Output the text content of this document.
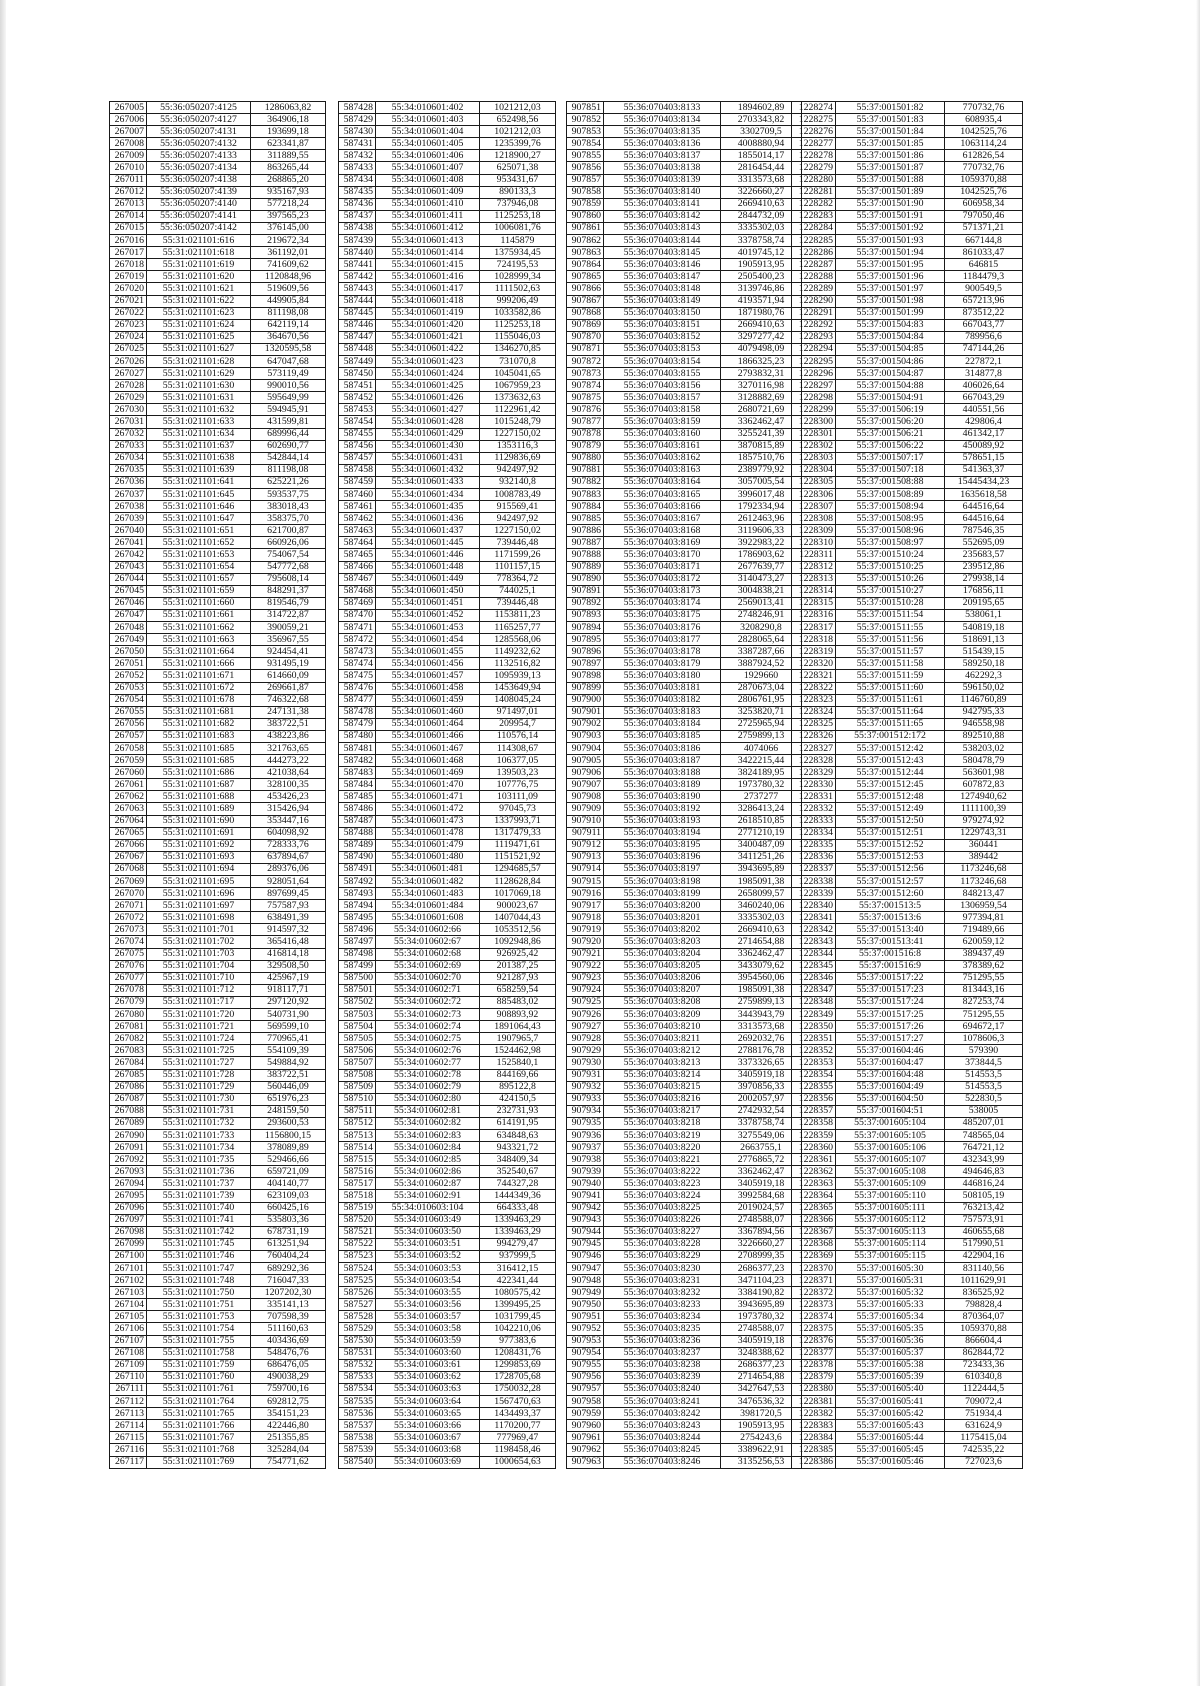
267005	55:36:050207:4125	1286063,82
267006	55:36:050207:4127	364906,18
267007	55:36:050207:4131	193699,18
267008	55:36:050207:4132	623341,87
267009	55:36:050207:4133	311889,55
267010	55:36:050207:4134	863265,44
267011	55:36:050207:4138	268865,20
267012	55:36:050207:4139	935167,93
267013	55:36:050207:4140	577218,24
267014	55:36:050207:4141	397565,23
267015	55:36:050207:4142	376145,00
267016	55:31:021101:616	219672,34
267017	55:31:021101:618	361192,01
267018	55:31:021101:619	741609,62
267019	55:31:021101:620	1120848,96
267020	55:31:021101:621	519609,56
267021	55:31:021101:622	449905,84
267022	55:31:021101:623	811198,08
267023	55:31:021101:624	642119,14
267024	55:31:021101:625	364670,56
267025	55:31:021101:627	1320595,58
267026	55:31:021101:628	647047,68
267027	55:31:021101:629	573119,49
267028	55:31:021101:630	990010,56
267029	55:31:021101:631	595649,99
267030	55:31:021101:632	594945,91
267031	55:31:021101:633	431599,81
267032	55:31:021101:634	689996,44
267033	55:31:021101:637	602690,77
267034	55:31:021101:638	542844,14
267035	55:31:021101:639	811198,08
267036	55:31:021101:641	625221,26
267037	55:31:021101:645	593537,75
267038	55:31:021101:646	383018,43
267039	55:31:021101:647	358375,70
267040	55:31:021101:651	621700,87
267041	55:31:021101:652	660926,06
267042	55:31:021101:653	754067,54
267043	55:31:021101:654	547772,68
267044	55:31:021101:657	795608,14
267045	55:31:021101:659	848291,37
267046	55:31:021101:660	819546,79
267047	55:31:021101:661	314722,87
267048	55:31:021101:662	390059,21
267049	55:31:021101:663	356967,55
267050	55:31:021101:664	924454,41
267051	55:31:021101:666	931495,19
267052	55:31:021101:671	614660,09
267053	55:31:021101:672	269661,87
267054	55:31:021101:678	746322,68
267055	55:31:021101:681	247131,38
267056	55:31:021101:682	383722,51
267057	55:31:021101:683	438223,86
267058	55:31:021101:685	321763,65
267059	55:31:021101:685	444273,22
267060	55:31:021101:686	421038,64
267061	55:31:021101:687	328100,35
267062	55:31:021101:688	453426,23
267063	55:31:021101:689	315426,94
267064	55:31:021101:690	353447,16
267065	55:31:021101:691	604098,92
267066	55:31:021101:692	728333,76
267067	55:31:021101:693	637894,67
267068	55:31:021101:694	289376,06
267069	55:31:021101:695	928051,64
267070	55:31:021101:696	897699,45
267071	55:31:021101:697	757587,93
267072	55:31:021101:698	638491,39
267073	55:31:021101:701	914597,32
267074	55:31:021101:702	365416,48
267075	55:31:021101:703	416814,18
267076	55:31:021101:704	329508,50
267077	55:31:021101:710	425967,19
267078	55:31:021101:712	918117,71
267079	55:31:021101:717	297120,92
267080	55:31:021101:720	540731,90
267081	55:31:021101:721	569599,10
267082	55:31:021101:724	770965,41
267083	55:31:021101:725	554109,39
267084	55:31:021101:727	549884,92
267085	55:31:021101:728	383722,51
267086	55:31:021101:729	560446,09
267087	55:31:021101:730	651976,23
267088	55:31:021101:731	248159,50
267089	55:31:021101:732	293600,53
267090	55:31:021101:733	1156800,15
267091	55:31:021101:734	378089,89
267092	55:31:021101:735	529466,66
267093	55:31:021101:736	659721,09
267094	55:31:021101:737	404140,77
267095	55:31:021101:739	623109,03
267096	55:31:021101:740	660425,16
267097	55:31:021101:741	535803,36
267098	55:31:021101:742	678731,19
267099	55:31:021101:745	613251,94
267100	55:31:021101:746	760404,24
267101	55:31:021101:747	689292,36
267102	55:31:021101:748	716047,33
267103	55:31:021101:750	1207202,30
267104	55:31:021101:751	335141,13
267105	55:31:021101:753	707598,39
267106	55:31:021101:754	511160,63
267107	55:31:021101:755	403436,69
267108	55:31:021101:758	548476,76
267109	55:31:021101:759	686476,05
267110	55:31:021101:760	490038,29
267111	55:31:021101:761	759700,16
267112	55:31:021101:764	692812,75
267113	55:31:021101:765	354151,23
267114	55:31:021101:766	422446,80
267115	55:31:021101:767	251355,85
267116	55:31:021101:768	325284,04
267117	55:31:021101:769	754771,62
587428	55:34:010601:402	1021212,03
587429	55:34:010601:403	652498,56
587430	55:34:010601:404	1021212,03
587431	55:34:010601:405	1235399,76
587432	55:34:010601:406	1218900,27
587433	55:34:010601:407	625071,38
587434	55:34:010601:408	953431,67
587435	55:34:010601:409	890133,3
587436	55:34:010601:410	737946,08
587437	55:34:010601:411	1125253,18
587438	55:34:010601:412	1006081,76
587439	55:34:010601:413	1145879
587440	55:34:010601:414	1375934,45
587441	55:34:010601:415	724195,53
587442	55:34:010601:416	1028999,34
587443	55:34:010601:417	1111502,63
587444	55:34:010601:418	999206,49
587445	55:34:010601:419	1033582,86
587446	55:34:010601:420	1125253,18
587447	55:34:010601:421	1155046,03
587448	55:34:010601:422	1346270,85
587449	55:34:010601:423	731070,8
587450	55:34:010601:424	1045041,65
587451	55:34:010601:425	1067959,23
587452	55:34:010601:426	1373632,63
587453	55:34:010601:427	1122961,42
587454	55:34:010601:428	1015248,79
587455	55:34:010601:429	1227150,02
587456	55:34:010601:430	1353116,3
587457	55:34:010601:431	1129836,69
587458	55:34:010601:432	942497,92
587459	55:34:010601:433	932140,8
587460	55:34:010601:434	1008783,49
587461	55:34:010601:435	915569,41
587462	55:34:010601:436	942497,92
587463	55:34:010601:437	1227150,02
587464	55:34:010601:445	739446,48
587465	55:34:010601:446	1171599,26
587466	55:34:010601:448	1101157,15
587467	55:34:010601:449	778364,72
587468	55:34:010601:450	744025,1
587469	55:34:010601:451	739446,48
587470	55:34:010601:452	1153811,23
587471	55:34:010601:453	1165257,77
587472	55:34:010601:454	1285568,06
587473	55:34:010601:455	1149232,62
587474	55:34:010601:456	1132516,82
587475	55:34:010601:457	1095939,13
587476	55:34:010601:458	1453649,94
587477	55:34:010601:459	1408045,24
587478	55:34:010601:460	971497,01
587479	55:34:010601:464	209954,7
587480	55:34:010601:466	110576,14
587481	55:34:010601:467	114308,67
587482	55:34:010601:468	106377,05
587483	55:34:010601:469	139503,23
587484	55:34:010601:470	107776,75
587485	55:34:010601:471	103111,09
587486	55:34:010601:472	97045,73
587487	55:34:010601:473	1337993,71
587488	55:34:010601:478	1317479,33
587489	55:34:010601:479	1119471,61
587490	55:34:010601:480	1151521,92
587491	55:34:010601:481	1294685,57
587492	55:34:010601:482	1128628,84
587493	55:34:010601:483	1017069,18
587494	55:34:010601:484	900023,67
587495	55:34:010601:608	1407044,43
587496	55:34:010602:66	1053512,56
587497	55:34:010602:67	1092948,86
587498	55:34:010602:68	926925,42
587499	55:34:010602:69	201387,25
587500	55:34:010602:70	921287,93
587501	55:34:010602:71	658259,54
587502	55:34:010602:72	885483,02
587503	55:34:010602:73	908893,92
587504	55:34:010602:74	1891064,43
587505	55:34:010602:75	1907965,7
587506	55:34:010602:76	1524462,98
587507	55:34:010602:77	1525840,1
587508	55:34:010602:78	844169,66
587509	55:34:010602:79	895122,8
587510	55:34:010602:80	424150,5
587511	55:34:010602:81	232731,93
587512	55:34:010602:82	614191,95
587513	55:34:010602:83	634848,63
587514	55:34:010602:84	943321,72
587515	55:34:010602:85	348409,34
587516	55:34:010602:86	352540,67
587517	55:34:010602:87	744327,28
587518	55:34:010602:91	1444349,36
587519	55:34:010603:104	664333,48
587520	55:34:010603:49	1339463,29
587521	55:34:010603:50	1339463,29
587522	55:34:010603:51	994279,47
587523	55:34:010603:52	937999,5
587524	55:34:010603:53	316412,15
587525	55:34:010603:54	422341,44
587526	55:34:010603:55	1080575,42
587527	55:34:010603:56	1399495,25
587528	55:34:010603:57	1031799,45
587529	55:34:010603:58	1042210,06
587530	55:34:010603:59	977383,6
587531	55:34:010603:60	1208431,76
587532	55:34:010603:61	1299853,69
587533	55:34:010603:62	1728705,68
587534	55:34:010603:63	1750032,28
587535	55:34:010603:64	1567470,63
587536	55:34:010603:65	1434493,37
587537	55:34:010603:66	1170200,77
587538	55:34:010603:67	777969,47
587539	55:34:010603:68	1198458,46
587540	55:34:010603:69	1000654,63
907851	55:36:070403:8133	1894602,89
907852	55:36:070403:8134	2703343,82
907853	55:36:070403:8135	3302709,5
907854	55:36:070403:8136	4008880,94
907855	55:36:070403:8137	1855014,17
907856	55:36:070403:8138	2816454,44
907857	55:36:070403:8139	3313573,68
907858	55:36:070403:8140	3226660,27
907859	55:36:070403:8141	2669410,63
907860	55:36:070403:8142	2844732,09
907861	55:36:070403:8143	3335302,03
907862	55:36:070403:8144	3378758,74
907863	55:36:070403:8145	4019745,12
907864	55:36:070403:8146	1905913,95
907865	55:36:070403:8147	2505400,23
907866	55:36:070403:8148	3139746,86
907867	55:36:070403:8149	4193571,94
907868	55:36:070403:8150	1871980,76
907869	55:36:070403:8151	2669410,63
907870	55:36:070403:8152	3297277,42
907871	55:36:070403:8153	4079498,09
907872	55:36:070403:8154	1866325,23
907873	55:36:070403:8155	2793832,31
907874	55:36:070403:8156	3270116,98
907875	55:36:070403:8157	3128882,69
907876	55:36:070403:8158	2680721,69
907877	55:36:070403:8159	3362462,47
907878	55:36:070403:8160	3255241,39
907879	55:36:070403:8161	3870815,89
907880	55:36:070403:8162	1857510,76
907881	55:36:070403:8163	2389779,92
907882	55:36:070403:8164	3057005,54
907883	55:36:070403:8165	3996017,48
907884	55:36:070403:8166	1792334,94
907885	55:36:070403:8167	2612463,96
907886	55:36:070403:8168	3119606,33
907887	55:36:070403:8169	3922983,22
907888	55:36:070403:8170	1786903,62
907889	55:36:070403:8171	2677639,77
907890	55:36:070403:8172	3140473,27
907891	55:36:070403:8173	3004838,21
907892	55:36:070403:8174	2569013,41
907893	55:36:070403:8175	2748246,91
907894	55:36:070403:8176	3208290,8
907895	55:36:070403:8177	2828065,64
907896	55:36:070403:8178	3387287,66
907897	55:36:070403:8179	3887924,52
907898	55:36:070403:8180	1929660
907899	55:36:070403:8181	2870673,04
907900	55:36:070403:8182	2806761,95
907901	55:36:070403:8183	3253820,71
907902	55:36:070403:8184	2725965,94
907903	55:36:070403:8185	2759899,13
907904	55:36:070403:8186	4074066
907905	55:36:070403:8187	3422215,44
907906	55:36:070403:8188	3824189,95
907907	55:36:070403:8189	1973780,32
907908	55:36:070403:8190	2737277
907909	55:36:070403:8192	3286413,24
907910	55:36:070403:8193	2618510,85
907911	55:36:070403:8194	2771210,19
907912	55:36:070403:8195	3400487,09
907913	55:36:070403:8196	3411251,26
907914	55:36:070403:8197	3943695,89
907915	55:36:070403:8198	1985091,38
907916	55:36:070403:8199	2658099,57
907917	55:36:070403:8200	3460240,06
907918	55:36:070403:8201	3335302,03
907919	55:36:070403:8202	2669410,63
907920	55:36:070403:8203	2714654,88
907921	55:36:070403:8204	3362462,47
907922	55:36:070403:8205	3433079,62
907923	55:36:070403:8206	3954560,06
907924	55:36:070403:8207	1985091,38
907925	55:36:070403:8208	2759899,13
907926	55:36:070403:8209	3443943,79
907927	55:36:070403:8210	3313573,68
907928	55:36:070403:8211	2692032,76
907929	55:36:070403:8212	2788176,78
907930	55:36:070403:8213	3373326,65
907931	55:36:070403:8214	3405919,18
907932	55:36:070403:8215	3970856,33
907933	55:36:070403:8216	2002057,97
907934	55:36:070403:8217	2742932,54
907935	55:36:070403:8218	3378758,74
907936	55:36:070403:8219	3275549,06
907937	55:36:070403:8220	2663755,1
907938	55:36:070403:8221	2776865,72
907939	55:36:070403:8222	3362462,47
907940	55:36:070403:8223	3405919,18
907941	55:36:070403:8224	3992584,68
907942	55:36:070403:8225	2019024,57
907943	55:36:070403:8226	2748588,07
907944	55:36:070403:8227	3367894,56
907945	55:36:070403:8228	3226660,27
907946	55:36:070403:8229	2708999,35
907947	55:36:070403:8230	2686377,23
907948	55:36:070403:8231	3471104,23
907949	55:36:070403:8232	3384190,82
907950	55:36:070403:8233	3943695,89
907951	55:36:070403:8234	1973780,32
907952	55:36:070403:8235	2748588,07
907953	55:36:070403:8236	3405919,18
907954	55:36:070403:8237	3248388,62
907955	55:36:070403:8238	2686377,23
907956	55:36:070403:8239	2714654,88
907957	55:36:070403:8240	3427647,53
907958	55:36:070403:8241	3476536,32
907959	55:36:070403:8242	3981720,5
907960	55:36:070403:8243	1905913,95
907961	55:36:070403:8244	2754243,6
907962	55:36:070403:8245	3389622,91
907963	55:36:070403:8246	3135256,53
1228274	55:37:001501:82	770732,76
1228275	55:37:001501:83	608935,4
1228276	55:37:001501:84	1042525,76
1228277	55:37:001501:85	1063114,24
1228278	55:37:001501:86	612826,54
1228279	55:37:001501:87	770732,76
1228280	55:37:001501:88	1059370,88
1228281	55:37:001501:89	1042525,76
1228282	55:37:001501:90	606958,34
1228283	55:37:001501:91	797050,46
1228284	55:37:001501:92	571371,21
1228285	55:37:001501:93	667144,8
1228286	55:37:001501:94	861033,47
1228287	55:37:001501:95	646815
1228288	55:37:001501:96	1184479,3
1228289	55:37:001501:97	900549,5
1228290	55:37:001501:98	657213,96
1228291	55:37:001501:99	873512,22
1228292	55:37:001504:83	667043,77
1228293	55:37:001504:84	789956,6
1228294	55:37:001504:85	747144,26
1228295	55:37:001504:86	227872,1
1228296	55:37:001504:87	314877,8
1228297	55:37:001504:88	406026,64
1228298	55:37:001504:91	667043,29
1228299	55:37:001506:19	440551,56
1228300	55:37:001506:20	429806,4
1228301	55:37:001506:21	461342,17
1228302	55:37:001506:22	450089,92
1228303	55:37:001507:17	578651,15
1228304	55:37:001507:18	541363,37
1228305	55:37:001508:88	15445434,23
1228306	55:37:001508:89	1635618,58
1228307	55:37:001508:94	644516,64
1228308	55:37:001508:95	644516,64
1228309	55:37:001508:96	787546,35
1228310	55:37:001508:97	552695,09
1228311	55:37:001510:24	235683,57
1228312	55:37:001510:25	239512,86
1228313	55:37:001510:26	279938,14
1228314	55:37:001510:27	176856,11
1228315	55:37:001510:28	209195,65
1228316	55:37:001511:54	538061,1
1228317	55:37:001511:55	540819,18
1228318	55:37:001511:56	518691,13
1228319	55:37:001511:57	515439,15
1228320	55:37:001511:58	589250,18
1228321	55:37:001511:59	462292,3
1228322	55:37:001511:60	596150,02
1228323	55:37:001511:61	1146760,89
1228324	55:37:001511:64	942795,33
1228325	55:37:001511:65	946558,98
1228326	55:37:001512:172	892510,88
1228327	55:37:001512:42	538203,02
1228328	55:37:001512:43	580478,79
1228329	55:37:001512:44	563601,98
1228330	55:37:001512:45	607872,83
1228331	55:37:001512:48	1274940,62
1228332	55:37:001512:49	1111100,39
1228333	55:37:001512:50	979274,92
1228334	55:37:001512:51	1229743,31
1228335	55:37:001512:52	360441
1228336	55:37:001512:53	389442
1228337	55:37:001512:56	1173246,68
1228338	55:37:001512:57	1173246,68
1228339	55:37:001512:60	848213,47
1228340	55:37:001513:5	1306959,54
1228341	55:37:001513:6	977394,81
1228342	55:37:001513:40	719489,66
1228343	55:37:001513:41	620059,12
1228344	55:37:001516:8	389437,49
1228345	55:37:001516:9	378389,62
1228346	55:37:001517:22	751295,55
1228347	55:37:001517:23	813443,16
1228348	55:37:001517:24	827253,74
1228349	55:37:001517:25	751295,55
1228350	55:37:001517:26	694672,17
1228351	55:37:001517:27	1078606,3
1228352	55:37:001604:46	579390
1228353	55:37:001604:47	373844,5
1228354	55:37:001604:48	514553,5
1228355	55:37:001604:49	514553,5
1228356	55:37:001604:50	522830,5
1228357	55:37:001604:51	538005
1228358	55:37:001605:104	485207,01
1228359	55:37:001605:105	748565,04
1228360	55:37:001605:106	764721,12
1228361	55:37:001605:107	432343,99
1228362	55:37:001605:108	494646,83
1228363	55:37:001605:109	446816,24
1228364	55:37:001605:110	508105,19
1228365	55:37:001605:111	763213,42
1228366	55:37:001605:112	757573,91
1228367	55:37:001605:113	460655,68
1228368	55:37:001605:114	517990,51
1228369	55:37:001605:115	422904,16
1228370	55:37:001605:30	831140,56
1228371	55:37:001605:31	1011629,91
1228372	55:37:001605:32	836525,92
1228373	55:37:001605:33	798828,4
1228374	55:37:001605:34	870364,07
1228375	55:37:001605:35	1059370,88
1228376	55:37:001605:36	866604,4
1228377	55:37:001605:37	862844,72
1228378	55:37:001605:38	723433,36
1228379	55:37:001605:39	610340,8
1228380	55:37:001605:40	1122444,5
1228381	55:37:001605:41	709072,4
1228382	55:37:001605:42	751934,4
1228383	55:37:001605:43	631624,9
1228384	55:37:001605:44	1175415,04
1228385	55:37:001605:45	742535,22
1228386	55:37:001605:46	727023,6
